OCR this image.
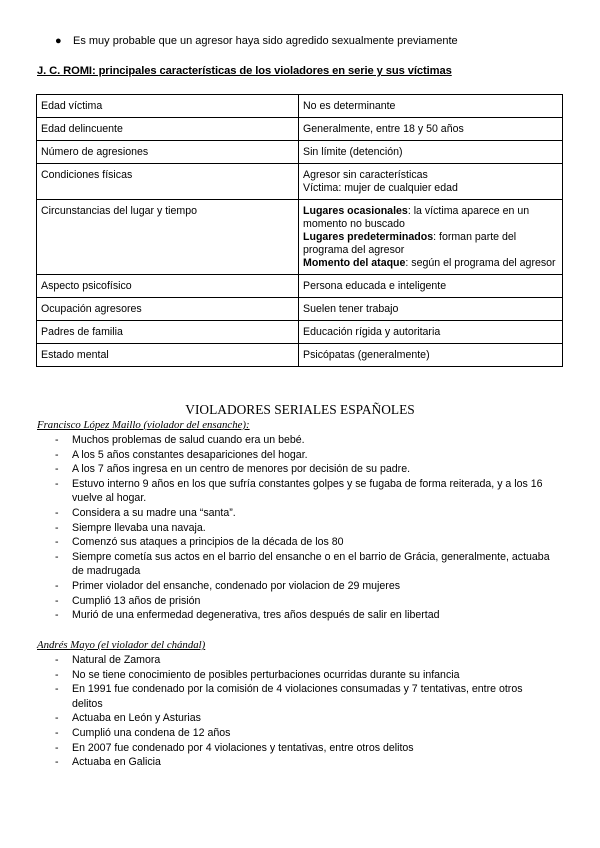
● Es muy probable que un agresor haya sido agredido sexualmente previamente
J. C. ROMI: principales características de los violadores en serie y sus víctimas
Edad víctima	No es determinante

Edad delincuente	Generalmente, entre 18 y 50 años

Número de agresiones	Sin límite (detención)

Condiciones físicas	Agresor sin características
Víctima: mujer de cualquier edad

Circunstancias del lugar y tiempo	Lugares ocasionales: la víctima aparece en un momento no buscado
Lugares predeterminados: forman parte del programa del agresor
Momento del ataque: según el programa del agresor

Aspecto psicofísico	Persona educada e inteligente

Ocupación agresores	Suelen tener trabajo

Padres de familia	Educación rígida y autoritaria

Estado mental	Psicópatas (generalmente)
VIOLADORES SERIALES ESPAÑOLES
Francisco López Maillo (violador del ensanche):
- Muchos problemas de salud cuando era un bebé.
- A los 5 años constantes desapariciones del hogar.
- A los 7 años ingresa en un centro de menores por decisión de su padre.
- Estuvo interno 9 años en los que sufría constantes golpes y se fugaba de forma reiterada, y a los 16 vuelve al hogar.
- Considera a su madre una “santa”.
- Siempre llevaba una navaja.
- Comenzó sus ataques a principios de la década de los 80
- Siempre cometía sus actos en el barrio del ensanche o en el barrio de Grácia, generalmente, actuaba de madrugada
- Primer violador del ensanche, condenado por violacion de 29 mujeres
- Cumplió 13 años de prisión
- Murió de una enfermedad degenerativa, tres años después de salir en libertad
Andrés Mayo (el violador del chándal)
- Natural de Zamora
- No se tiene conocimiento de posibles perturbaciones ocurridas durante su infancia
- En 1991 fue condenado por la comisión de 4 violaciones consumadas y 7 tentativas, entre otros delitos
- Actuaba en León y Asturias
- Cumplió una condena de 12 años
- En 2007 fue condenado por 4 violaciones y tentativas, entre otros delitos
- Actuaba en Galicia
